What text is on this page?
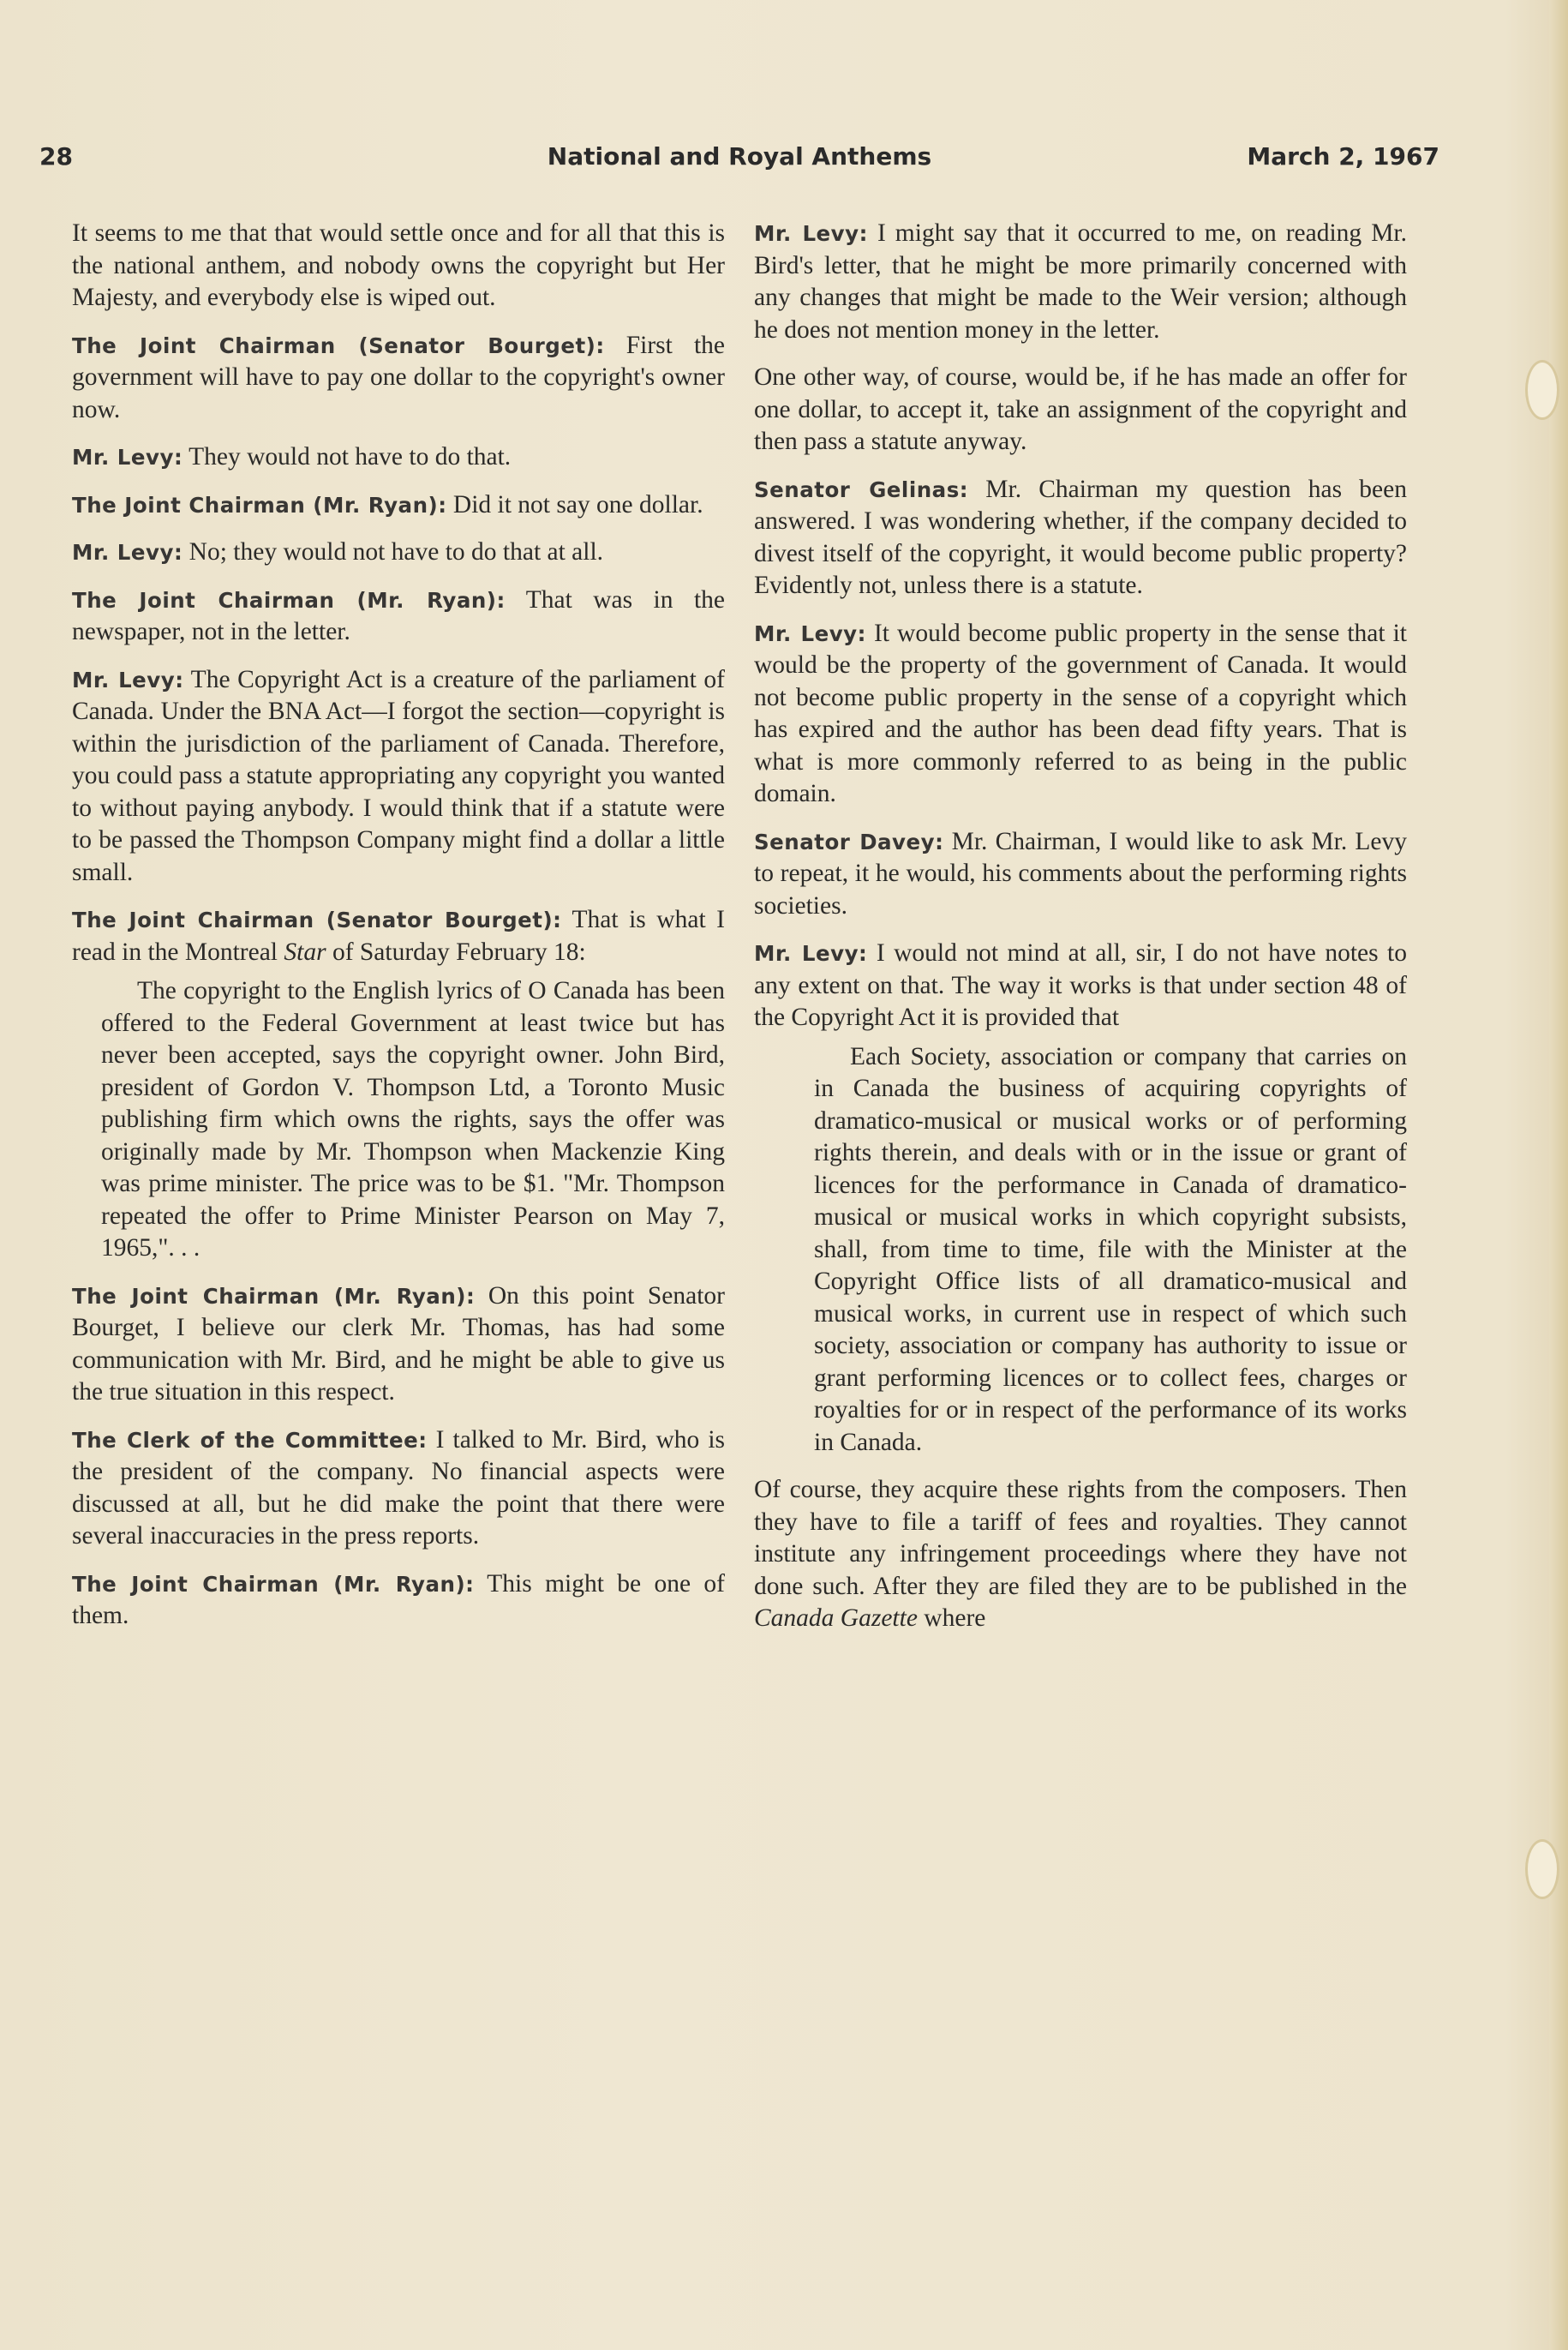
28	National and Royal Anthems	March 2, 1967

It seems to me that that would settle once and for all that this is the national anthem, and nobody owns the copyright but Her Majesty, and everybody else is wiped out.

The Joint Chairman (Senator Bourget): First the government will have to pay one dollar to the copyright's owner now.

Mr. Levy: They would not have to do that.

The Joint Chairman (Mr. Ryan): Did it not say one dollar.

Mr. Levy: No; they would not have to do that at all.

The Joint Chairman (Mr. Ryan): That was in the newspaper, not in the letter.

Mr. Levy: The Copyright Act is a creature of the parliament of Canada. Under the BNA Act—I forgot the section—copyright is within the jurisdiction of the parliament of Canada. Therefore, you could pass a statute appropriating any copyright you wanted to without paying anybody. I would think that if a statute were to be passed the Thompson Company might find a dollar a little small.

The Joint Chairman (Senator Bourget): That is what I read in the Montreal Star of Saturday February 18:

The copyright to the English lyrics of O Canada has been offered to the Federal Government at least twice but has never been accepted, says the copyright owner. John Bird, president of Gordon V. Thompson Ltd, a Toronto Music publishing firm which owns the rights, says the offer was originally made by Mr. Thompson when Mackenzie King was prime minister. The price was to be $1. "Mr. Thompson repeated the offer to Prime Minister Pearson on May 7, 1965,". . .

The Joint Chairman (Mr. Ryan): On this point Senator Bourget, I believe our clerk Mr. Thomas, has had some communication with Mr. Bird, and he might be able to give us the true situation in this respect.

The Clerk of the Committee: I talked to Mr. Bird, who is the president of the company. No financial aspects were discussed at all, but he did make the point that there were several inaccuracies in the press reports.

The Joint Chairman (Mr. Ryan): This might be one of them.

Mr. Levy: I might say that it occurred to me, on reading Mr. Bird's letter, that he might be more primarily concerned with any changes that might be made to the Weir version; although he does not mention money in the letter.

One other way, of course, would be, if he has made an offer for one dollar, to accept it, take an assignment of the copyright and then pass a statute anyway.

Senator Gelinas: Mr. Chairman my question has been answered. I was wondering whether, if the company decided to divest itself of the copyright, it would become public property? Evidently not, unless there is a statute.

Mr. Levy: It would become public property in the sense that it would be the property of the government of Canada. It would not become public property in the sense of a copyright which has expired and the author has been dead fifty years. That is what is more commonly referred to as being in the public domain.

Senator Davey: Mr. Chairman, I would like to ask Mr. Levy to repeat, it he would, his comments about the performing rights societies.

Mr. Levy: I would not mind at all, sir, I do not have notes to any extent on that. The way it works is that under section 48 of the Copyright Act it is provided that

Each Society, association or company that carries on in Canada the business of acquiring copyrights of dramatico-musical or musical works or of performing rights therein, and deals with or in the issue or grant of licences for the performance in Canada of dramatico-musical or musical works in which copyright subsists, shall, from time to time, file with the Minister at the Copyright Office lists of all dramatico-musical and musical works, in current use in respect of which such society, association or company has authority to issue or grant performing licences or to collect fees, charges or royalties for or in respect of the performance of its works in Canada.

Of course, they acquire these rights from the composers. Then they have to file a tariff of fees and royalties. They cannot institute any infringement proceedings where they have not done such. After they are filed they are to be published in the Canada Gazette where
